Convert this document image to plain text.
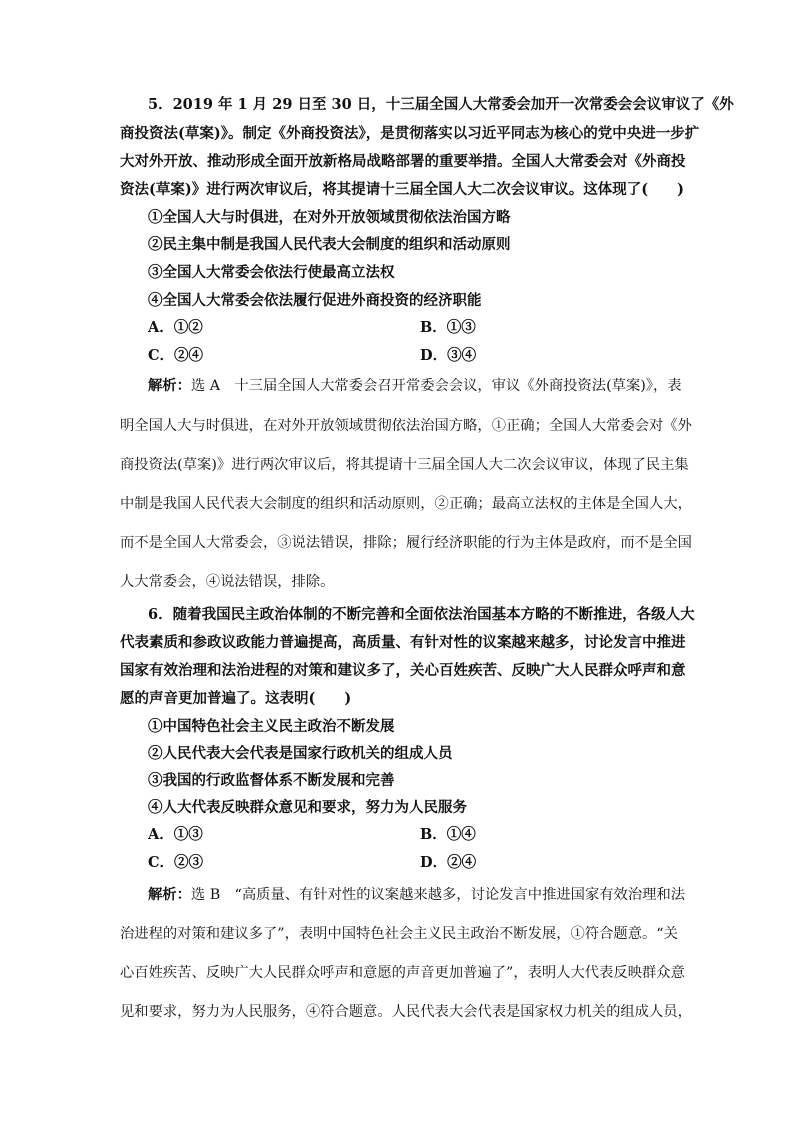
5．2019 年 1 月 29 日至 30 日，十三届全国人大常委会加开一次常委会会议审议了《外
商投资法(草案)》。制定《外商投资法》，是贯彻落实以习近平同志为核心的党中央进一步扩
大对外开放、推动形成全面开放新格局战略部署的重要举措。全国人大常委会对《外商投
资法(草案)》进行两次审议后，将其提请十三届全国人大二次会议审议。这体现了(　　)
①全国人大与时俱进，在对外开放领域贯彻依法治国方略
②民主集中制是我国人民代表大会制度的组织和活动原则
③全国人大常委会依法行使最高立法权
④全国人大常委会依法履行促进外商投资的经济职能
A．①②	B．①③
C．②④	D．③④
解析：选 A　十三届全国人大常委会召开常委会会议，审议《外商投资法(草案)》，表
明全国人大与时俱进，在对外开放领域贯彻依法治国方略，①正确；全国人大常委会对《外
商投资法(草案)》进行两次审议后，将其提请十三届全国人大二次会议审议，体现了民主集
中制是我国人民代表大会制度的组织和活动原则，②正确；最高立法权的主体是全国人大，
而不是全国人大常委会，③说法错误，排除；履行经济职能的行为主体是政府，而不是全国
人大常委会，④说法错误，排除。
6．随着我国民主政治体制的不断完善和全面依法治国基本方略的不断推进，各级人大
代表素质和参政议政能力普遍提高，高质量、有针对性的议案越来越多，讨论发言中推进
国家有效治理和法治进程的对策和建议多了，关心百姓疾苦、反映广大人民群众呼声和意
愿的声音更加普遍了。这表明(　　)
①中国特色社会主义民主政治不断发展
②人民代表大会代表是国家行政机关的组成人员
③我国的行政监督体系不断发展和完善
④人大代表反映群众意见和要求，努力为人民服务
A．①③	B．①④
C．②③	D．②④
解析：选 B　“高质量、有针对性的议案越来越多，讨论发言中推进国家有效治理和法
治进程的对策和建议多了”，表明中国特色社会主义民主政治不断发展，①符合题意。“关
心百姓疾苦、反映广大人民群众呼声和意愿的声音更加普遍了”，表明人大代表反映群众意
见和要求，努力为人民服务，④符合题意。人民代表大会代表是国家权力机关的组成人员，
